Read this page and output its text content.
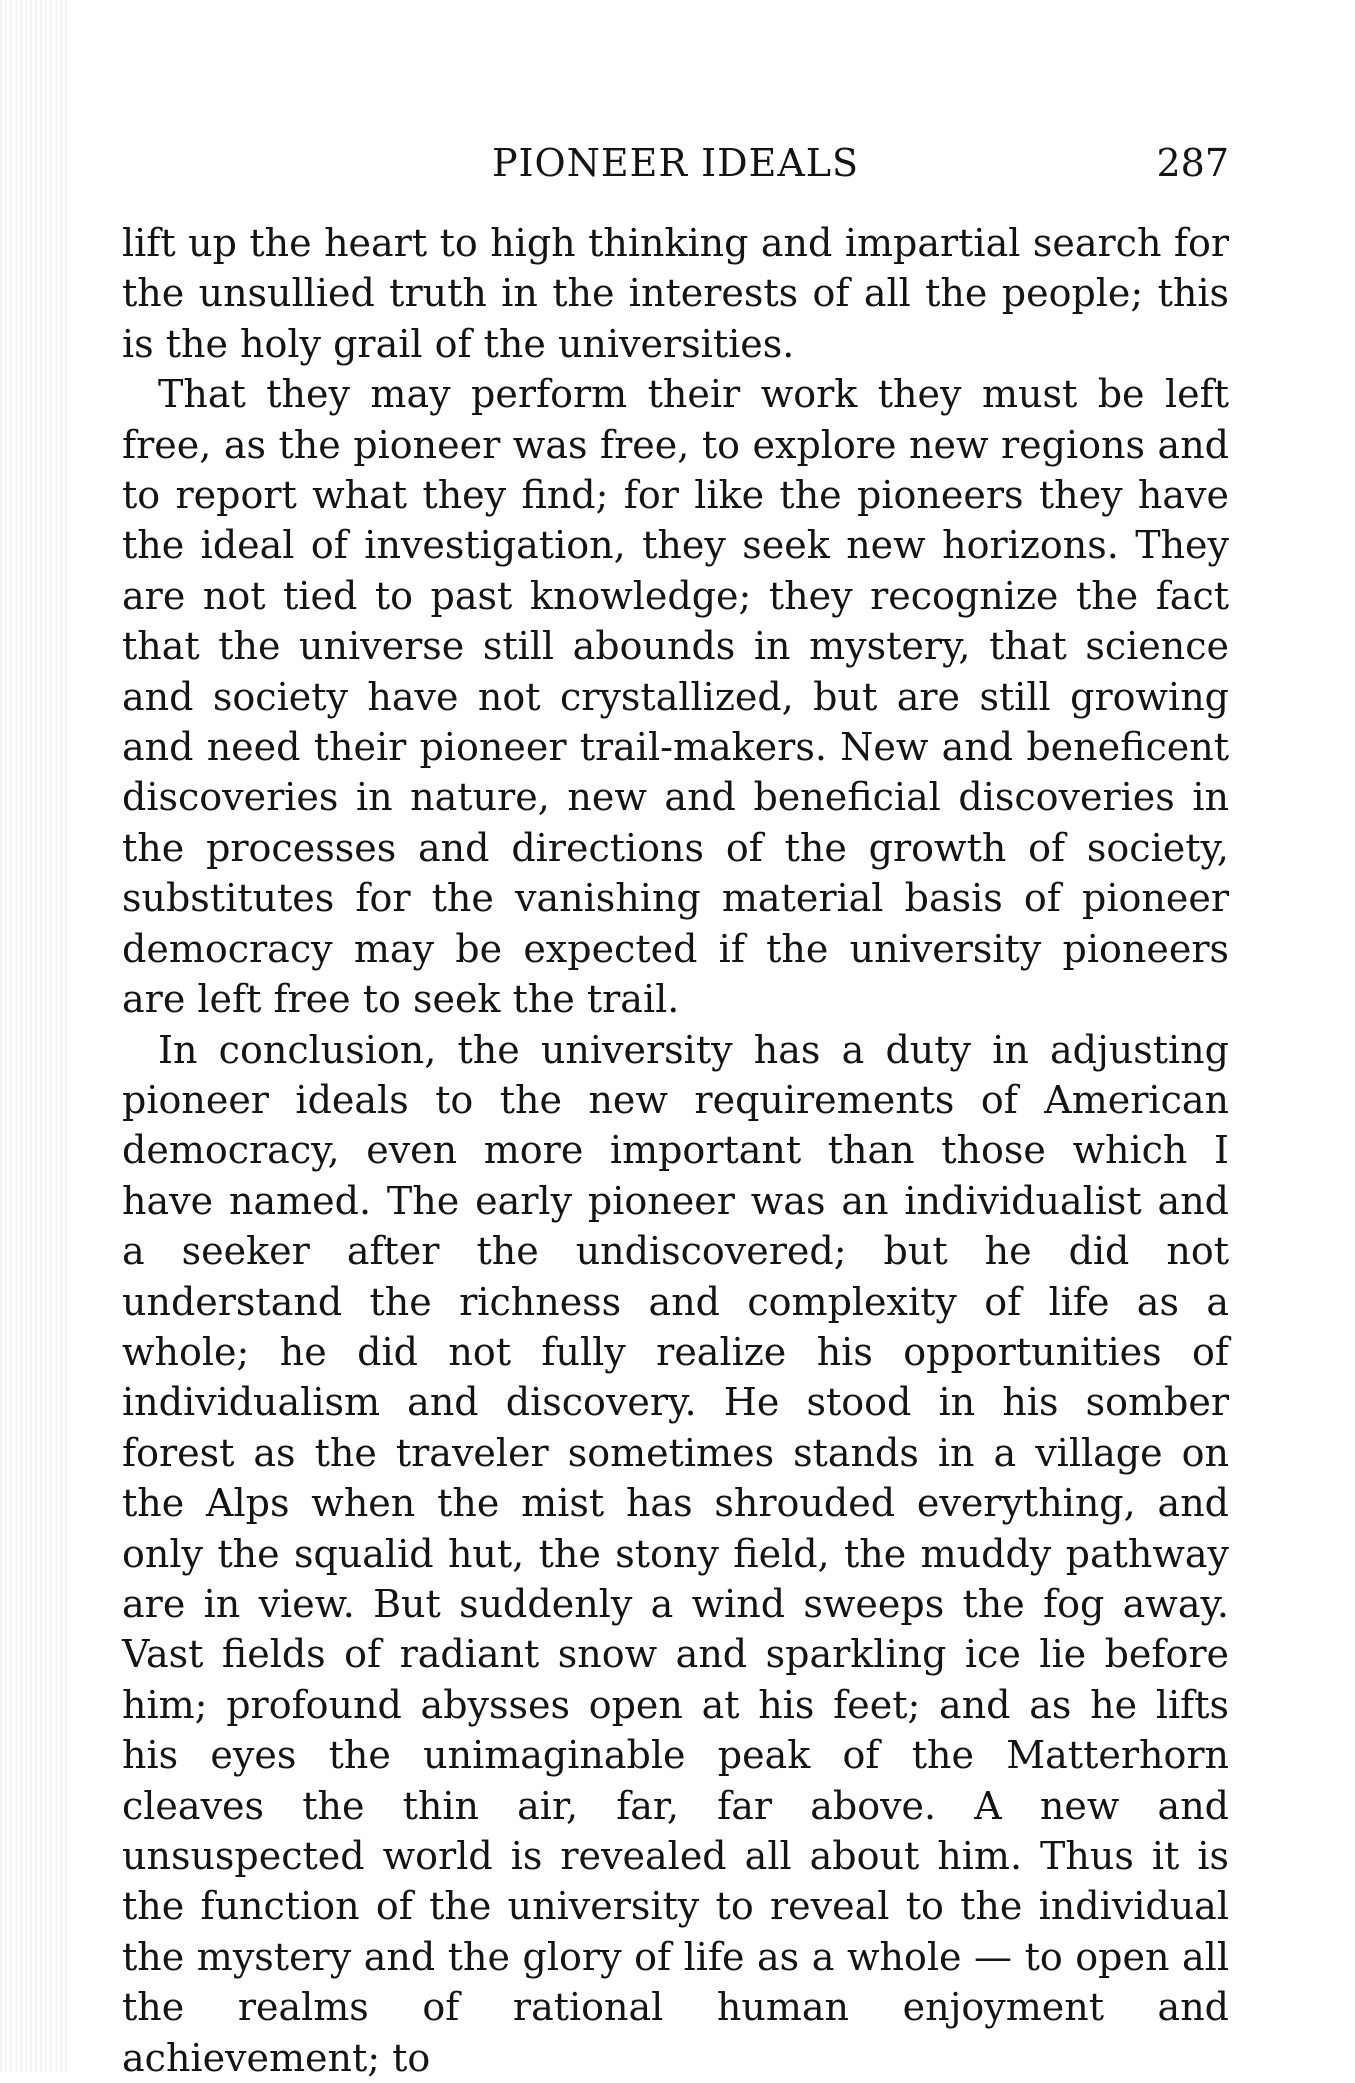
PIONEER IDEALS	287

lift up the heart to high thinking and impartial search for the unsullied truth in the interests of all the people; this is the holy grail of the universities.

That they may perform their work they must be left free, as the pioneer was free, to explore new regions and to report what they find; for like the pioneers they have the ideal of investigation, they seek new horizons. They are not tied to past knowledge; they recognize the fact that the universe still abounds in mystery, that science and society have not crystallized, but are still growing and need their pioneer trail-makers. New and beneficent discoveries in nature, new and beneficial discoveries in the processes and directions of the growth of society, substitutes for the vanishing material basis of pioneer democracy may be expected if the university pioneers are left free to seek the trail.

In conclusion, the university has a duty in adjusting pioneer ideals to the new requirements of American democracy, even more important than those which I have named. The early pioneer was an individualist and a seeker after the undiscovered; but he did not understand the richness and complexity of life as a whole; he did not fully realize his opportunities of individualism and discovery. He stood in his somber forest as the traveler sometimes stands in a village on the Alps when the mist has shrouded everything, and only the squalid hut, the stony field, the muddy pathway are in view. But suddenly a wind sweeps the fog away. Vast fields of radiant snow and sparkling ice lie before him; profound abysses open at his feet; and as he lifts his eyes the unimaginable peak of the Matterhorn cleaves the thin air, far, far above. A new and unsuspected world is revealed all about him. Thus it is the function of the university to reveal to the individual the mystery and the glory of life as a whole — to open all the realms of rational human enjoyment and achievement; to
